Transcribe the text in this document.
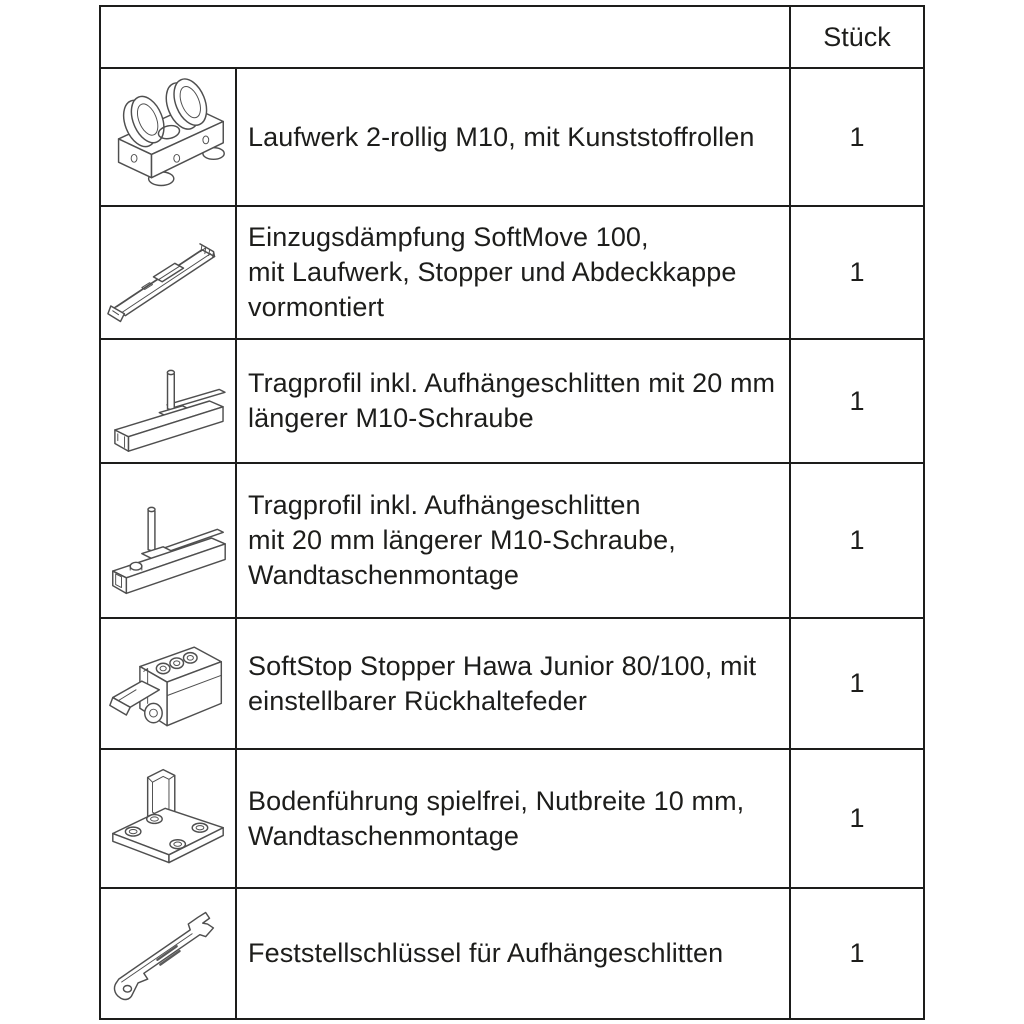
Stück
Laufwerk 2-rollig M10, mit Kunststoffrollen	1
Einzugsdämpfung SoftMove 100,
mit Laufwerk, Stopper und Abdeckkappe
vormontiert
1
Tragprofil inkl. Aufhängeschlitten mit 20 mm
längerer M10-Schraube
1
Tragprofil inkl. Aufhängeschlitten
mit 20 mm längerer M10-Schraube,
Wandtaschenmontage
1
SoftStop Stopper Hawa Junior 80/100, mit
einstellbarer Rückhaltefeder
1
Bodenführung spielfrei, Nutbreite 10 mm,
Wandtaschenmontage
1
Feststellschlüssel für Aufhängeschlitten	1
